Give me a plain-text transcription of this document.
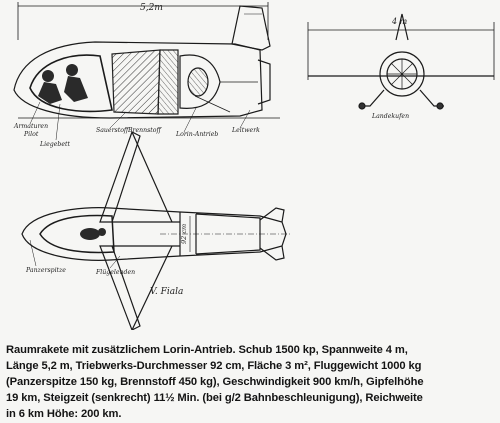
5,2m
Armaturen
Pilot
Liegebett
Sauerstoff Brennstoff
Lorin-Antrieb
Leitwerk
4 m
Landekufen
92 cm
Panzerspitze	Flügelenden
V. Fiala
Raumrakete mit zusätzlichem Lorin-Antrieb. Schub 1500 kp, Spannweite 4 m,
Länge 5,2 m, Triebwerks-Durchmesser 92 cm, Fläche 3 m², Fluggewicht 1000 kg
(Panzerspitze 150 kg, Brennstoff 450 kg), Geschwindigkeit 900 km/h, Gipfelhöhe
19 km, Steigzeit (senkrecht) 11½ Min. (bei g/2 Bahnbeschleunigung), Reichweite
in 6 km Höhe: 200 km.
